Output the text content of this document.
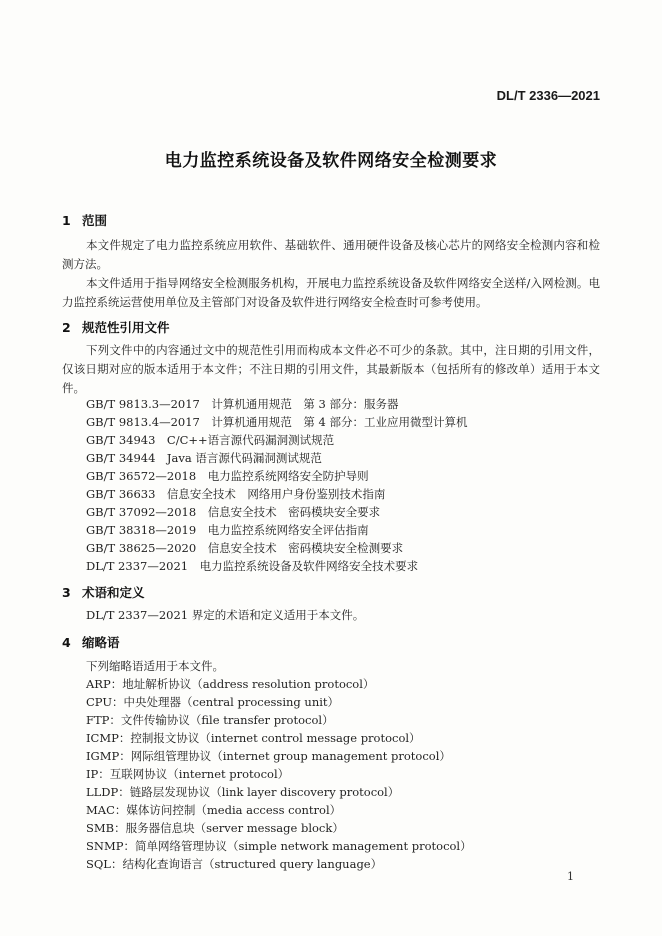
DL/T 2336—2021
电力监控系统设备及软件网络安全检测要求
1 范围
本文件规定了电力监控系统应用软件、基础软件、通用硬件设备及核心芯片的网络安全检测内容和检测方法。
本文件适用于指导网络安全检测服务机构，开展电力监控系统设备及软件网络安全送样/入网检测。电力监控系统运营使用单位及主管部门对设备及软件进行网络安全检查时可参考使用。
2 规范性引用文件
下列文件中的内容通过文中的规范性引用而构成本文件必不可少的条款。其中，注日期的引用文件，仅该日期对应的版本适用于本文件；不注日期的引用文件，其最新版本（包括所有的修改单）适用于本文件。
GB/T 9813.3—2017　计算机通用规范　第 3 部分：服务器
GB/T 9813.4—2017　计算机通用规范　第 4 部分：工业应用微型计算机
GB/T 34943　C/C++语言源代码漏洞测试规范
GB/T 34944　Java 语言源代码漏洞测试规范
GB/T 36572—2018　电力监控系统网络安全防护导则
GB/T 36633　信息安全技术　网络用户身份鉴别技术指南
GB/T 37092—2018　信息安全技术　密码模块安全要求
GB/T 38318—2019　电力监控系统网络安全评估指南
GB/T 38625—2020　信息安全技术　密码模块安全检测要求
DL/T 2337—2021　电力监控系统设备及软件网络安全技术要求
3 术语和定义
DL/T 2337—2021 界定的术语和定义适用于本文件。
4 缩略语
下列缩略语适用于本文件。
ARP：地址解析协议（address resolution protocol）
CPU：中央处理器（central processing unit）
FTP：文件传输协议（file transfer protocol）
ICMP：控制报文协议（internet control message protocol）
IGMP：网际组管理协议（internet group management protocol）
IP：互联网协议（internet protocol）
LLDP：链路层发现协议（link layer discovery protocol）
MAC：媒体访问控制（media access control）
SMB：服务器信息块（server message block）
SNMP：简单网络管理协议（simple network management protocol）
SQL：结构化查询语言（structured query language）
1
